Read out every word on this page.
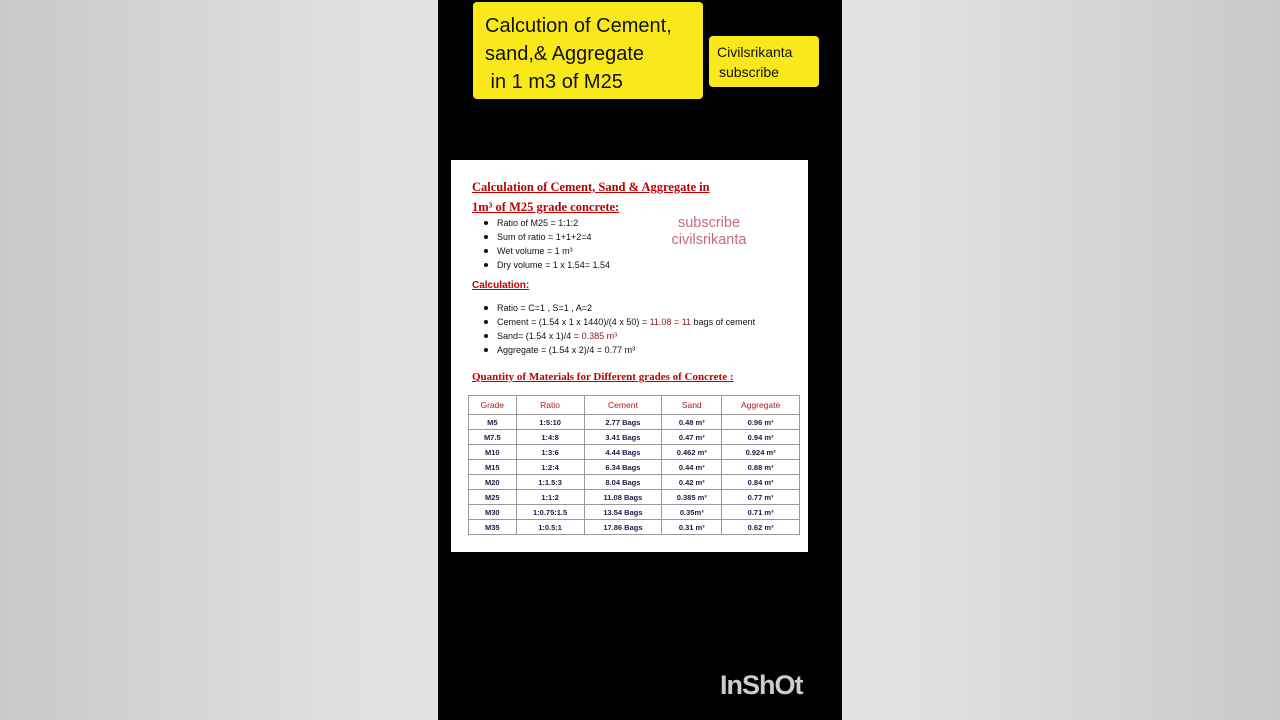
Calculation of Cement, Sand & Aggregate in
1m³ of M25 grade concrete:
subscribe
civilsrikanta
Ratio of M25 = 1:1:2
Sum of ratio = 1+1+2=4
Wet volume = 1 m³
Dry volume = 1 x 1.54= 1.54
Calculation:
Ratio = C=1 , S=1 , A=2
Cement = (1.54 x 1 x 1440)/(4 x 50) = 11.08 = 11 bags of cement
Sand= (1.54 x 1)/4 = 0.385 m³
Aggregate = (1.54 x 2)/4 = 0.77 m³
Quantity of Materials for Different grades of Concrete :
Grade	Ratio	Cement	Sand	Aggregate
M5	1:5:10	2.77 Bags	0.48 m³	0.96 m³
M7.5	1:4:8	3.41 Bags	0.47 m³	0.94 m³
M10	1:3:6	4.44 Bags	0.462 m³	0.924 m³
M15	1:2:4	6.34 Bags	0.44 m³	0.88 m³
M20	1:1.5:3	8.04 Bags	0.42 m³	0.84 m³
M25	1:1:2	11.08 Bags	0.385 m³	0.77 m³
M30	1:0.75:1.5	13.54 Bags	0.35m³	0.71 m³
M35	1:0.5:1	17.86 Bags	0.31 m³	0.62 m³
Calcution of Cement,
sand,& Aggregate
in 1 m3 of M25
Civilsrikanta
subscribe
InShOt
